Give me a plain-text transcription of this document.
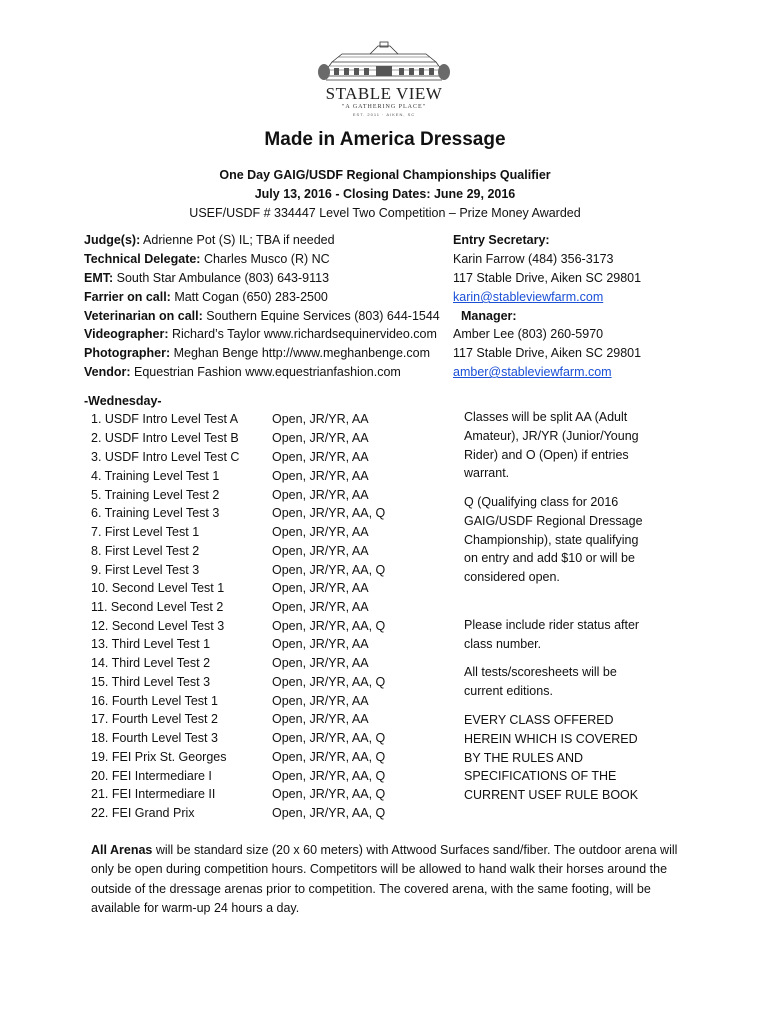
STABLE VIEW
"A GATHERING PLACE"
EST. 2011 · AIKEN, SC
Made in America Dressage
One Day GAIG/USDF Regional Championships Qualifier
July 13, 2016 - Closing Dates: June 29, 2016
USEF/USDF # 334447 Level Two Competition – Prize Money Awarded
Judge(s): Adrienne Pot (S) IL; TBA if needed
Technical Delegate: Charles Musco (R) NC
EMT: South Star Ambulance (803) 643-9113
Farrier on call: Matt Cogan (650) 283-2500
Veterinarian on call: Southern Equine Services (803) 644-1544
Videographer: Richard’s Taylor www.richardsequinervideo.com
Photographer: Meghan Benge http://www.meghanbenge.com
Vendor: Equestrian Fashion www.equestrianfashion.com
Entry Secretary:
Karin Farrow (484) 356-3173
117 Stable Drive, Aiken SC 29801
karin@stableviewfarm.com
Manager:
Amber Lee (803) 260-5970
117 Stable Drive, Aiken SC 29801
amber@stableviewfarm.com
-Wednesday-
1. USDF Intro Level Test A	Open, JR/YR, AA
2. USDF Intro Level Test B	Open, JR/YR, AA
3. USDF Intro Level Test C	Open, JR/YR, AA
4. Training Level Test 1	Open, JR/YR, AA
5. Training Level Test 2	Open, JR/YR, AA
6. Training Level Test 3	Open, JR/YR, AA, Q
7. First Level Test 1	Open, JR/YR, AA
8. First Level Test 2	Open, JR/YR, AA
9. First Level Test 3	Open, JR/YR, AA, Q
10. Second Level Test 1	Open, JR/YR, AA
11. Second Level Test 2	Open, JR/YR, AA
12. Second Level Test 3	Open, JR/YR, AA, Q
13. Third Level Test 1	Open, JR/YR, AA
14. Third Level Test 2	Open, JR/YR, AA
15. Third Level Test 3	Open, JR/YR, AA, Q
16. Fourth Level Test 1	Open, JR/YR, AA
17. Fourth Level Test 2	Open, JR/YR, AA
18. Fourth Level Test 3	Open, JR/YR, AA, Q
19. FEI Prix St. Georges	Open, JR/YR, AA, Q
20. FEI Intermediare I	Open, JR/YR, AA, Q
21. FEI Intermediare II	Open, JR/YR, AA, Q
22. FEI Grand Prix	Open, JR/YR, AA, Q
Classes will be split AA (Adult Amateur), JR/YR (Junior/Young Rider) and O (Open) if entries warrant.
Q (Qualifying class for 2016 GAIG/USDF Regional Dressage Championship), state qualifying on entry and add $10 or will be considered open.
Please include rider status after class number.
All tests/scoresheets will be current editions.
EVERY CLASS OFFERED HEREIN WHICH IS COVERED BY THE RULES AND SPECIFICATIONS OF THE CURRENT USEF RULE BOOK
All Arenas will be standard size (20 x 60 meters) with Attwood Surfaces sand/fiber. The outdoor arena will only be open during competition hours. Competitors will be allowed to hand walk their horses around the outside of the dressage arenas prior to competition. The covered arena, with the same footing, will be available for warm-up 24 hours a day.
